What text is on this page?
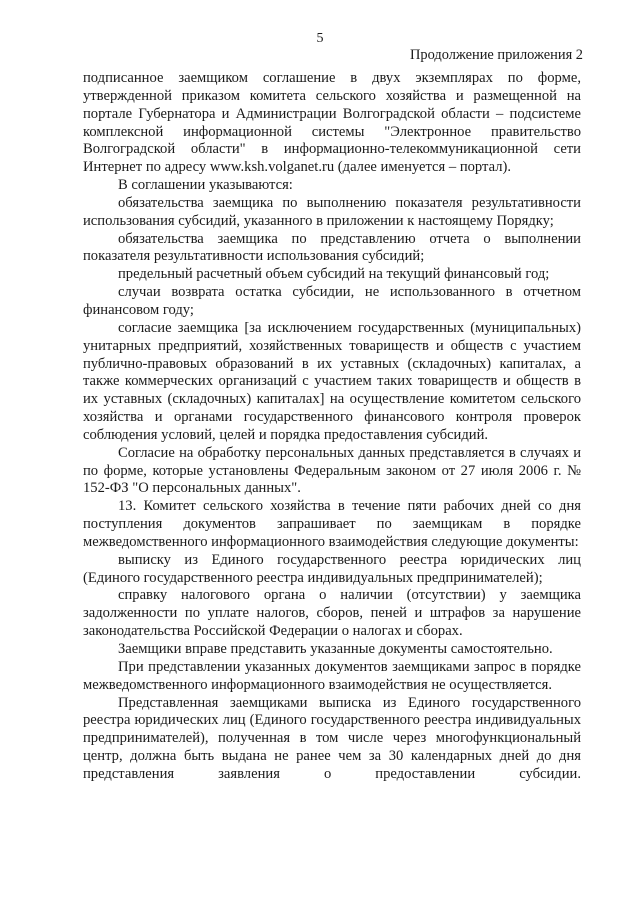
5
Продолжение приложения 2

подписанное заемщиком соглашение в двух экземплярах по форме, утвержденной приказом комитета сельского хозяйства и размещенной на портале Губернатора и Администрации Волгоградской области – подсистеме комплексной информационной системы "Электронное правительство Волгоградской области" в информационно-телекоммуникационной сети Интернет по адресу www.ksh.volganet.ru (далее именуется – портал).

В соглашении указываются:

обязательства заемщика по выполнению показателя результативности использования субсидий, указанного в приложении к настоящему Порядку;

обязательства заемщика по представлению отчета о выполнении показателя результативности использования субсидий;

предельный расчетный объем субсидий на текущий финансовый год;

случаи возврата остатка субсидии, не использованного в отчетном финансовом году;

согласие заемщика [за исключением государственных (муниципальных) унитарных предприятий, хозяйственных товариществ и обществ с участием публично-правовых образований в их уставных (складочных) капиталах, а также коммерческих организаций с участием таких товариществ и обществ в их уставных (складочных) капиталах] на осуществление комитетом сельского хозяйства и органами государственного финансового контроля проверок соблюдения условий, целей и порядка предоставления субсидий.

Согласие на обработку персональных данных представляется в случаях и по форме, которые установлены Федеральным законом от 27 июля 2006 г. № 152-ФЗ "О персональных данных".

13. Комитет сельского хозяйства в течение пяти рабочих дней со дня поступления документов запрашивает по заемщикам в порядке межведомственного информационного взаимодействия следующие документы:

выписку из Единого государственного реестра юридических лиц (Единого государственного реестра индивидуальных предпринимателей);

справку налогового органа о наличии (отсутствии) у заемщика задолженности по уплате налогов, сборов, пеней и штрафов за нарушение законодательства Российской Федерации о налогах и сборах.

Заемщики вправе представить указанные документы самостоятельно.

При представлении указанных документов заемщиками запрос в порядке межведомственного информационного взаимодействия не осуществляется.

Представленная заемщиками выписка из Единого государственного реестра юридических лиц (Единого государственного реестра индивидуальных предпринимателей), полученная в том числе через многофункциональный центр, должна быть выдана не ранее чем за 30 календарных дней до дня представления заявления о предоставлении субсидии.
